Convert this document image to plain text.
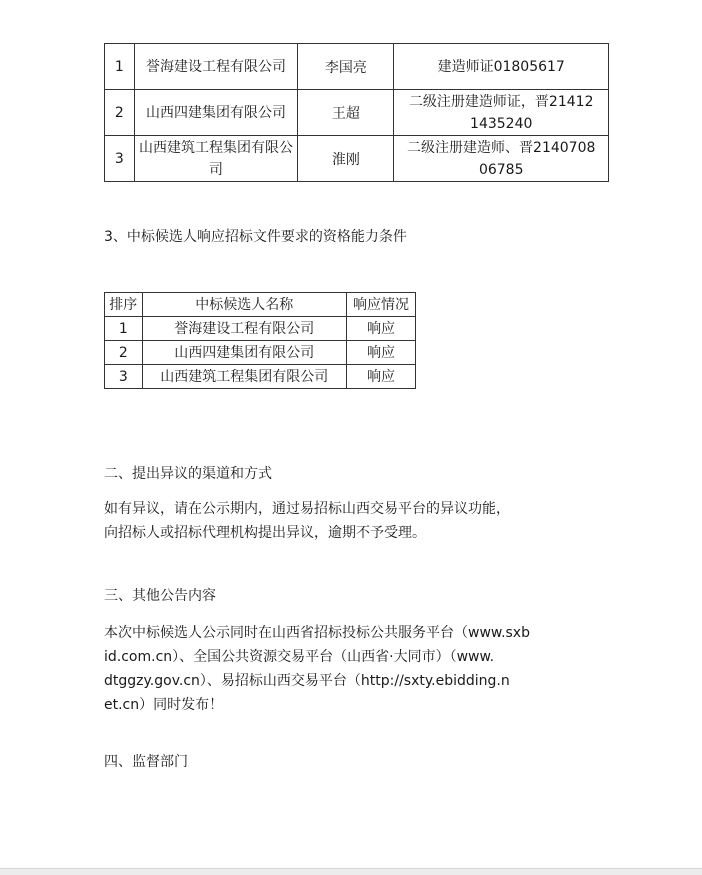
1	誉海建设工程有限公司	李国亮	建造师证01805617
2	山西四建集团有限公司	王超	二级注册建造师证，晋21412 1435240
3	山西建筑工程集团有限公司	淮刚	二级注册建造师、晋2140708 06785
3、中标候选人响应招标文件要求的资格能力条件
排序	中标候选人名称	响应情况
1	誉海建设工程有限公司	响应
2	山西四建集团有限公司	响应
3	山西建筑工程集团有限公司	响应
二、提出异议的渠道和方式
如有异议，请在公示期内，通过易招标山西交易平台的异议功能，
向招标人或招标代理机构提出异议，逾期不予受理。
三、其他公告内容
本次中标候选人公示同时在山西省招标投标公共服务平台（www.sxb
id.com.cn）、全国公共资源交易平台（山西省·大同市）（www.
dtggzy.gov.cn）、易招标山西交易平台（http://sxty.ebidding.n
et.cn）同时发布！
四、监督部门
